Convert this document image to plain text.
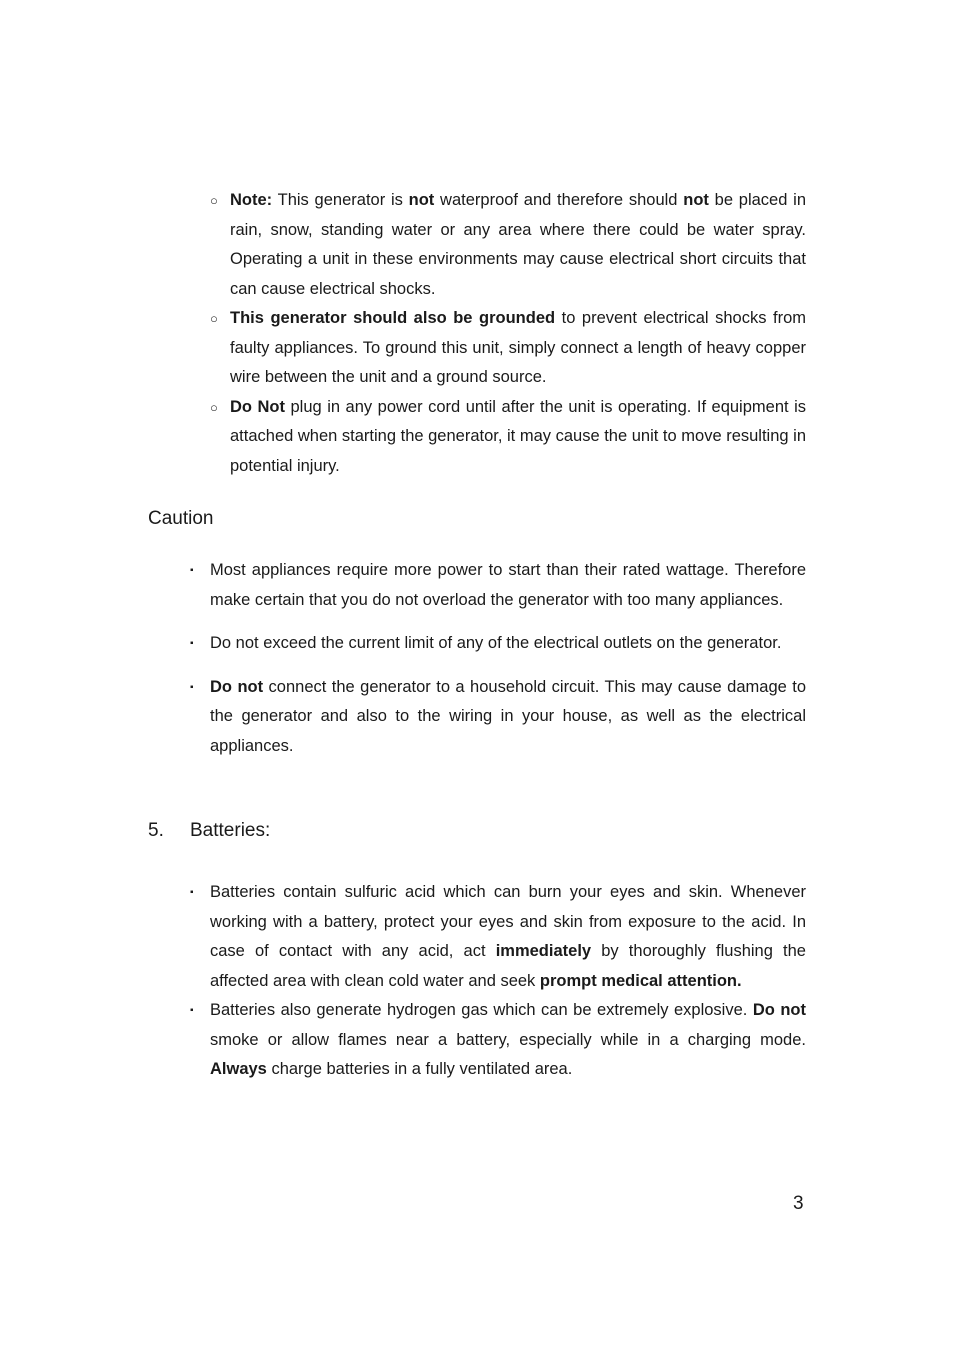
○ Note: This generator is not waterproof and therefore should not be placed in rain, snow, standing water or any area where there could be water spray. Operating a unit in these environments may cause electrical short circuits that can cause electrical shocks.
○ This generator should also be grounded to prevent electrical shocks from faulty appliances. To ground this unit, simply connect a length of heavy copper wire between the unit and a ground source.
○ Do Not plug in any power cord until after the unit is operating. If equipment is attached when starting the generator, it may cause the unit to move resulting in potential injury.
Caution
▪ Most appliances require more power to start than their rated wattage. Therefore make certain that you do not overload the generator with too many appliances.
▪ Do not exceed the current limit of any of the electrical outlets on the generator.
▪ Do not connect the generator to a household circuit. This may cause damage to the generator and also to the wiring in your house, as well as the electrical appliances.
5. Batteries:
▪ Batteries contain sulfuric acid which can burn your eyes and skin. Whenever working with a battery, protect your eyes and skin from exposure to the acid. In case of contact with any acid, act immediately by thoroughly flushing the affected area with clean cold water and seek prompt medical attention.
▪ Batteries also generate hydrogen gas which can be extremely explosive. Do not smoke or allow flames near a battery, especially while in a charging mode. Always charge batteries in a fully ventilated area.
3
